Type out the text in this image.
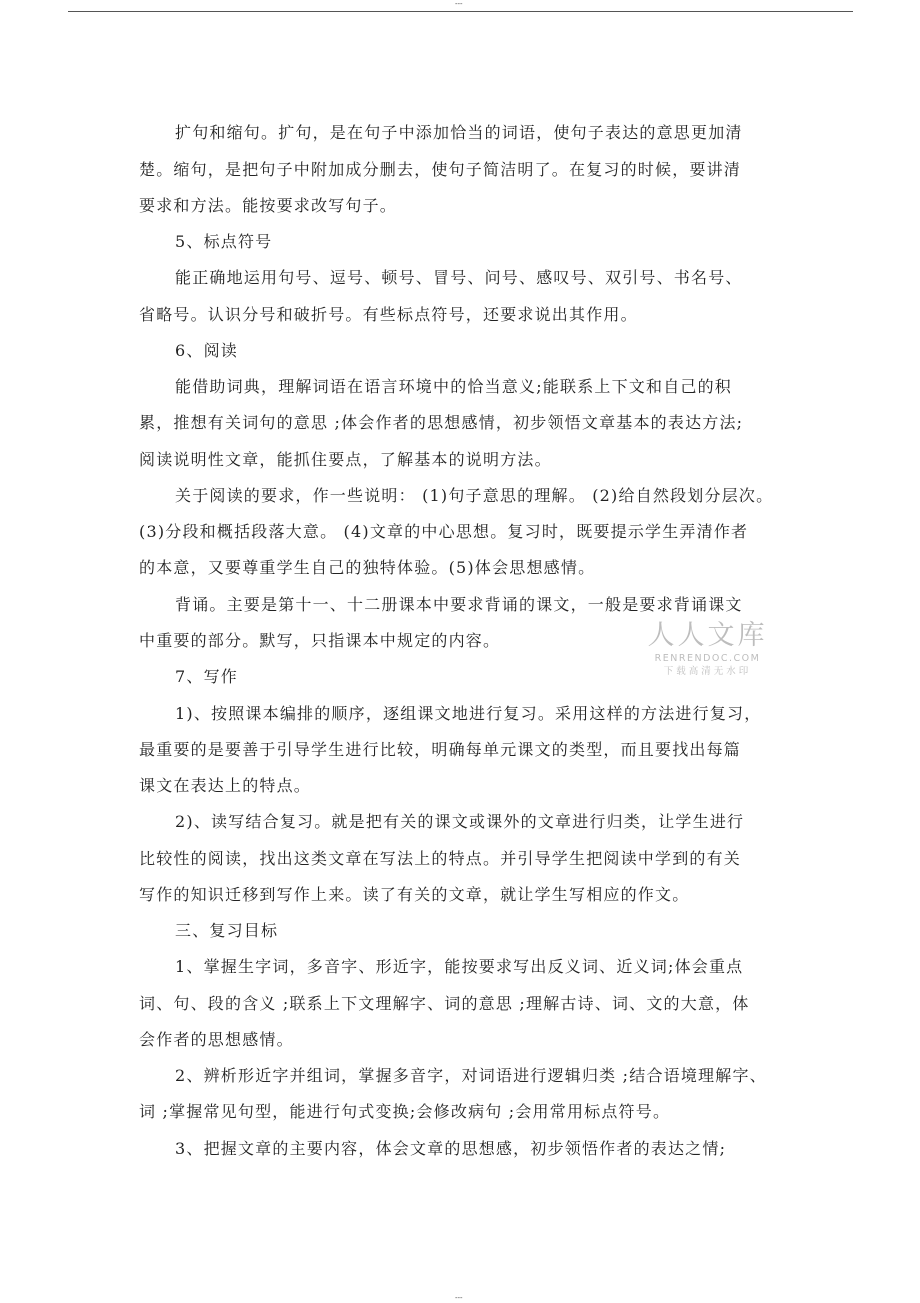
---

扩句和缩句。扩句，是在句子中添加恰当的词语，使句子表达的意思更加清

楚。缩句，是把句子中附加成分删去，使句子简洁明了。在复习的时候，要讲清

要求和方法。能按要求改写句子。

5、标点符号

能正确地运用句号、逗号、顿号、冒号、问号、感叹号、双引号、书名号、

省略号。认识分号和破折号。有些标点符号，还要求说出其作用。

6、阅读

能借助词典，理解词语在语言环境中的恰当意义;能联系上下文和自己的积

累，推想有关词句的意思 ;体会作者的思想感情，初步领悟文章基本的表达方法;

阅读说明性文章，能抓住要点，了解基本的说明方法。

关于阅读的要求，作一些说明： (1)句子意思的理解。 (2)给自然段划分层次。

(3)分段和概括段落大意。 (4)文章的中心思想。复习时，既要提示学生弄清作者

的本意，又要尊重学生自己的独特体验。(5)体会思想感情。

背诵。主要是第十一、十二册课本中要求背诵的课文，一般是要求背诵课文

中重要的部分。默写，只指课本中规定的内容。

7、写作

1)、按照课本编排的顺序，逐组课文地进行复习。采用这样的方法进行复习，

最重要的是要善于引导学生进行比较，明确每单元课文的类型，而且要找出每篇

课文在表达上的特点。

2)、读写结合复习。就是把有关的课文或课外的文章进行归类，让学生进行

比较性的阅读，找出这类文章在写法上的特点。并引导学生把阅读中学到的有关

写作的知识迁移到写作上来。读了有关的文章，就让学生写相应的作文。

三、复习目标

1、掌握生字词，多音字、形近字，能按要求写出反义词、近义词;体会重点

词、句、段的含义 ;联系上下文理解字、词的意思 ;理解古诗、词、文的大意，体

会作者的思想感情。

2、辨析形近字并组词，掌握多音字，对词语进行逻辑归类 ;结合语境理解字、

词 ;掌握常见句型，能进行句式变换;会修改病句 ;会用常用标点符号。

3、把握文章的主要内容，体会文章的思想感，初步领悟作者的表达之情;

人人文库
RENRENDOC.COM
下载高清无水印
---
